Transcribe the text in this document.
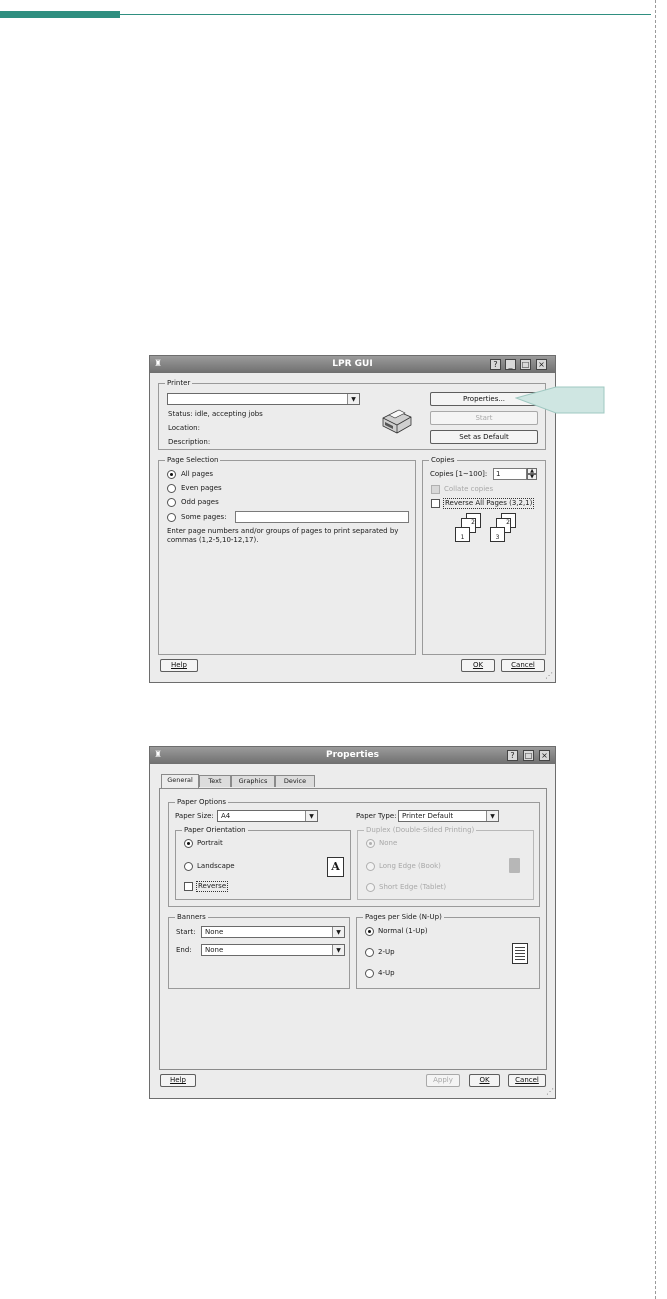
♜	LPR GUI	?	_	□ ×
Printer
▼
Status: idle, accepting jobs
Location:
Description:
Properties...
Start
Set as Default
Page Selection
All pages
Even pages
Odd pages
Some pages:
Enter page numbers and/or groups of pages to print separated by
commas (1,2-5,10-12,17).
Copies
Copies [1~100]: 1	▲
▼
Collate copies
Reverse All Pages (3,2,1)
2
1
2
3
Help	OK	Cancel
⋰
♜	Properties	?	□ ×
General	Text	Graphics	Device
Paper Options
Paper Size:	A4	▼	Paper Type: Printer Default	▼
Paper Orientation
Portrait
Landscape
Reverse
A
Duplex (Double-Sided Printing)
None
Long Edge (Book)
Short Edge (Tablet)
Banners
Start:	None	▼
End:	None	▼
Pages per Side (N-Up)
Normal (1-Up)
2-Up
4-Up
Help	Apply	OK	Cancel
⋰
